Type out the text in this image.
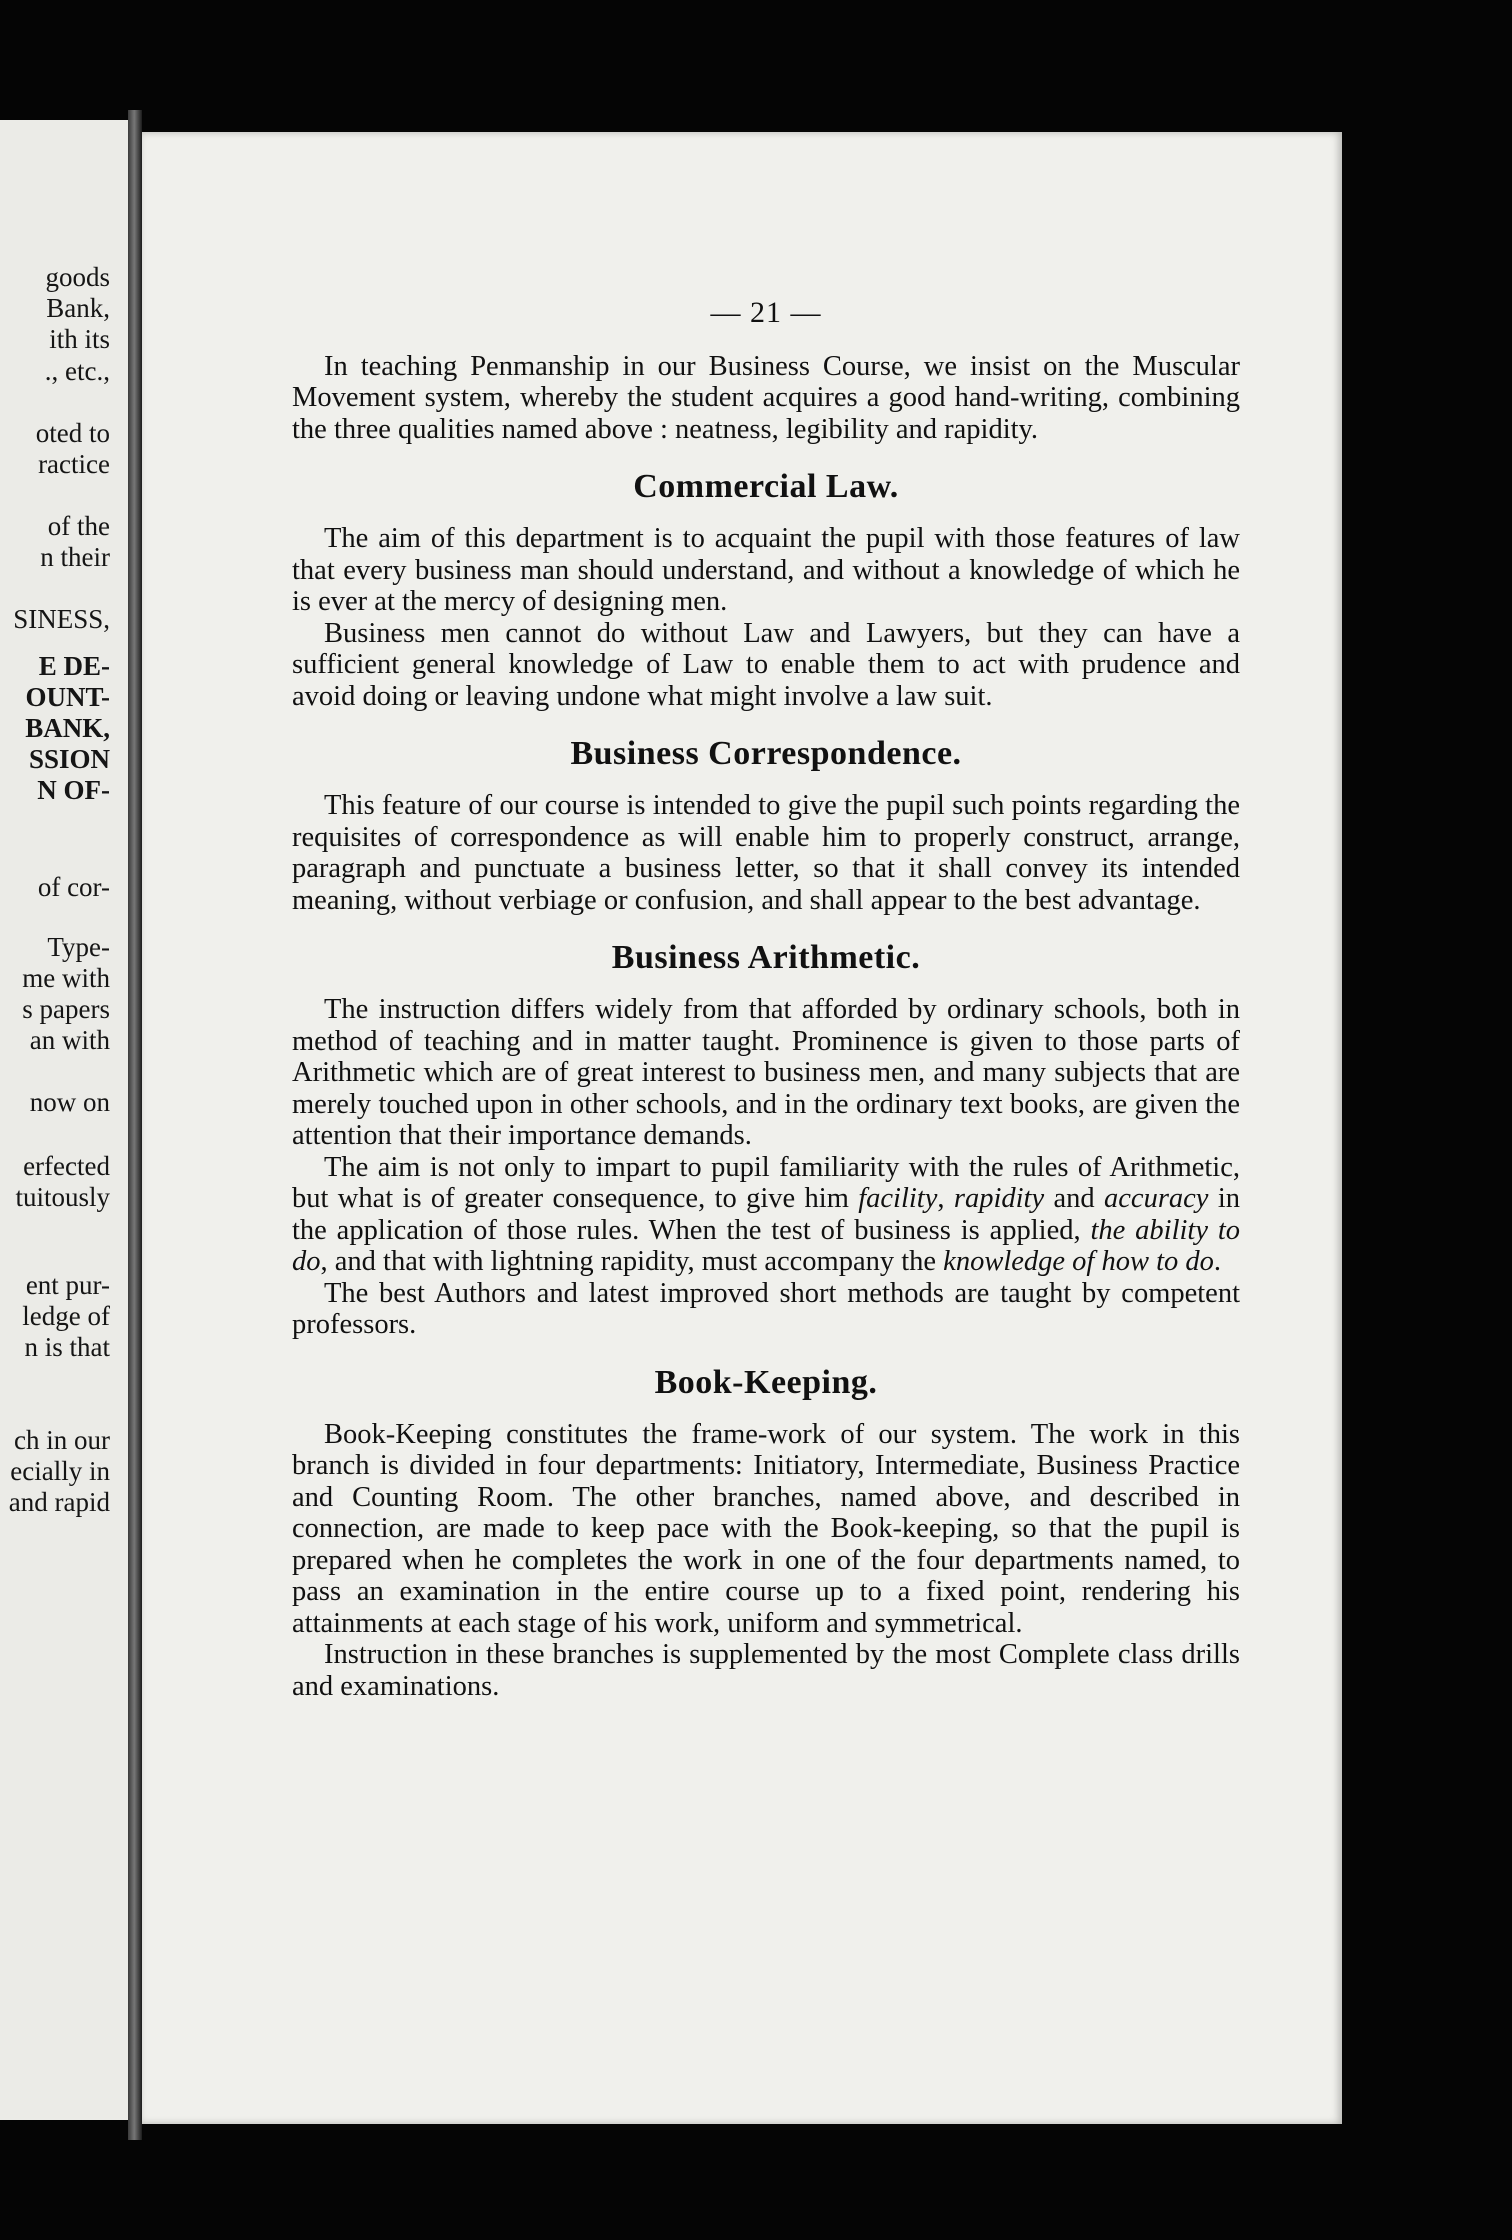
goods
Bank,
ith its
., etc.,
oted to
ractice
of the
n their
SINESS,
E DE-
OUNT-
BANK,
SSION
N OF-
of cor-
Type-
me with
s papers
an with
now on
erfected
tuitously
ent pur-
ledge of
n is that
ch in our
ecially in
and rapid
— 21 —

In teaching Penmanship in our Business Course, we insist on the Muscular Movement system, whereby the student acquires a good hand-writing, combining the three qualities named above : neatness, legibility and rapidity.

Commercial Law.

The aim of this department is to acquaint the pupil with those features of law that every business man should understand, and without a knowledge of which he is ever at the mercy of designing men.

Business men cannot do without Law and Lawyers, but they can have a sufficient general knowledge of Law to enable them to act with prudence and avoid doing or leaving undone what might involve a law suit.

Business Correspondence.

This feature of our course is intended to give the pupil such points regarding the requisites of correspondence as will enable him to properly construct, arrange, paragraph and punctuate a business letter, so that it shall convey its intended meaning, without verbiage or confusion, and shall appear to the best advantage.

Business Arithmetic.

The instruction differs widely from that afforded by ordinary schools, both in method of teaching and in matter taught. Prominence is given to those parts of Arithmetic which are of great interest to business men, and many subjects that are merely touched upon in other schools, and in the ordinary text books, are given the attention that their importance demands.

The aim is not only to impart to pupil familiarity with the rules of Arithmetic, but what is of greater consequence, to give him facility, rapidity and accuracy in the application of those rules. When the test of business is applied, the ability to do, and that with lightning rapidity, must accompany the knowledge of how to do.

The best Authors and latest improved short methods are taught by competent professors.

Book-Keeping.

Book-Keeping constitutes the frame-work of our system. The work in this branch is divided in four departments: Initiatory, Intermediate, Business Practice and Counting Room. The other branches, named above, and described in connection, are made to keep pace with the Book-keeping, so that the pupil is prepared when he completes the work in one of the four departments named, to pass an examination in the entire course up to a fixed point, rendering his attainments at each stage of his work, uniform and symmetrical.

Instruction in these branches is supplemented by the most Complete class drills and examinations.
